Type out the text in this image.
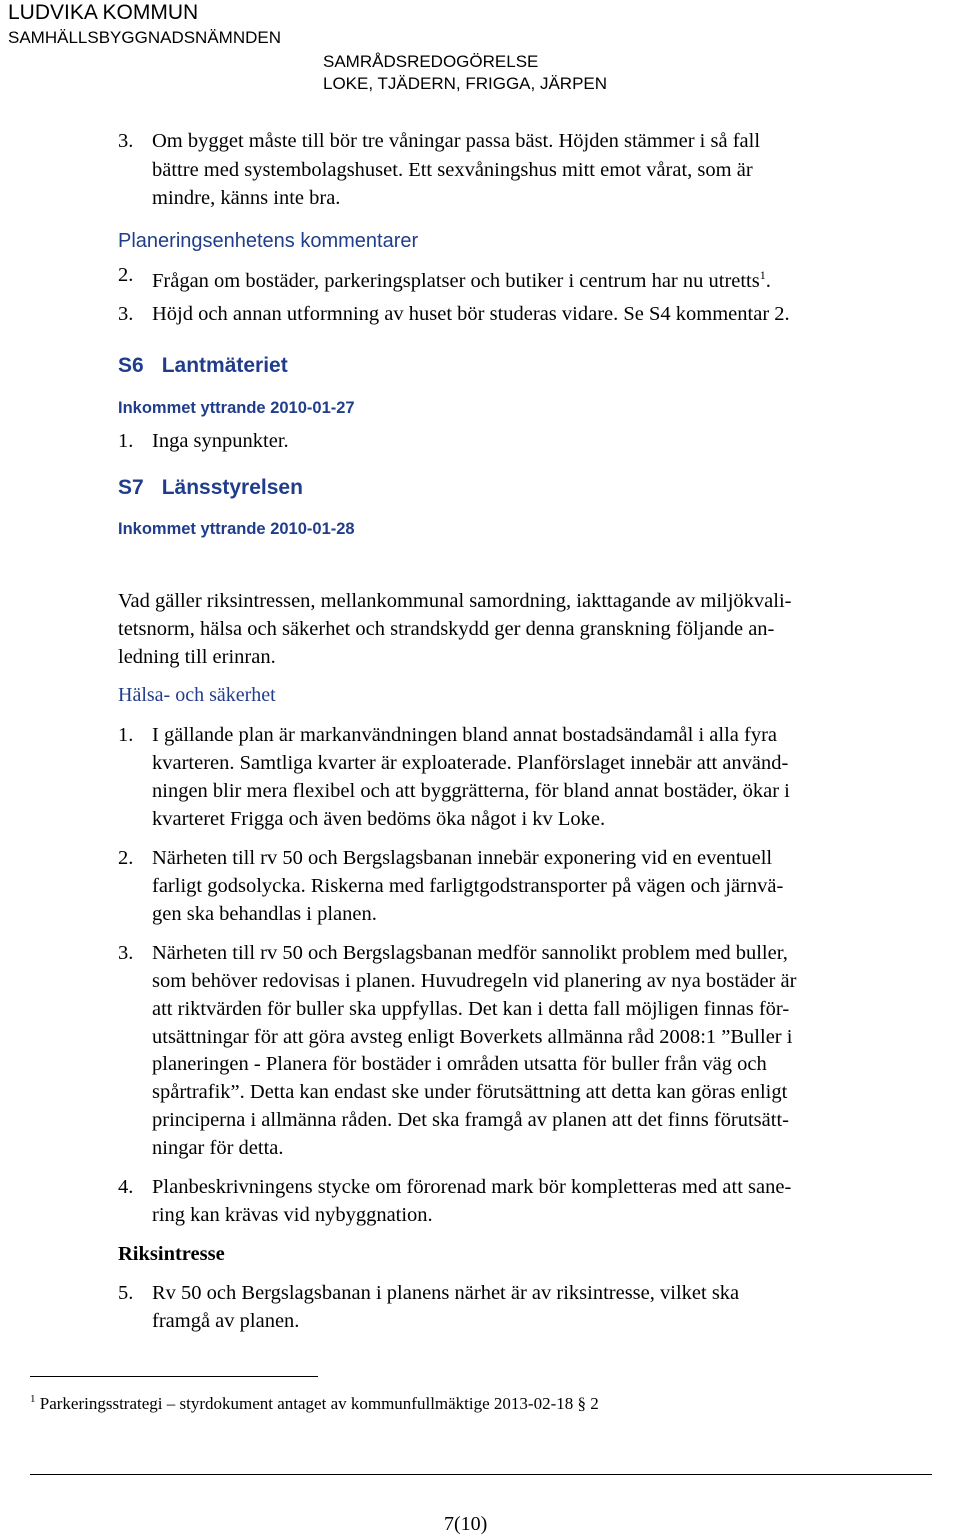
LUDVIKA KOMMUN
SAMHÄLLSBYGGNADSNÄMNDEN
SAMRÅDSREDOGÖRELSE
LOKE, TJÄDERN, FRIGGA, JÄRPEN
3. Om bygget måste till bör tre våningar passa bäst. Höjden stämmer i så fall
bättre med systembolagshuset. Ett sexvåningshus mitt emot vårat, som är
mindre, känns inte bra.
Planeringsenhetens kommentarer
2. Frågan om bostäder, parkeringsplatser och butiker i centrum har nu utretts$^1$.
3. Höjd och annan utformning av huset bör studeras vidare. Se S4 kommentar 2.
S6 Lantmäteriet
Inkommet yttrande 2010-01-27
1. Inga synpunkter.
S7 Länsstyrelsen
Inkommet yttrande 2010-01-28
Vad gäller riksintressen, mellankommunal samordning, iakttagande av miljökvali-
tetsnorm, hälsa och säkerhet och strandskydd ger denna granskning följande an-
ledning till erinran.
Hälsa- och säkerhet
1. I gällande plan är markanvändningen bland annat bostadsändamål i alla fyra
kvarteren. Samtliga kvarter är exploaterade. Planförslaget innebär att använd-
ningen blir mera flexibel och att byggrätterna, för bland annat bostäder, ökar i
kvarteret Frigga och även bedöms öka något i kv Loke.
2. Närheten till rv 50 och Bergslagsbanan innebär exponering vid en eventuell
farligt godsolycka. Riskerna med farligtgodstransporter på vägen och järnvä-
gen ska behandlas i planen.
3. Närheten till rv 50 och Bergslagsbanan medför sannolikt problem med buller,
som behöver redovisas i planen. Huvudregeln vid planering av nya bostäder är
att riktvärden för buller ska uppfyllas. Det kan i detta fall möjligen finnas för-
utsättningar för att göra avsteg enligt Boverkets allmänna råd 2008:1 ”Buller i
planeringen - Planera för bostäder i områden utsatta för buller från väg och
spårtrafik”. Detta kan endast ske under förutsättning att detta kan göras enligt
principerna i allmänna råden. Det ska framgå av planen att det finns förutsätt-
ningar för detta.
4. Planbeskrivningens stycke om förorenad mark bör kompletteras med att sane-
ring kan krävas vid nybyggnation.
Riksintresse
5. Rv 50 och Bergslagsbanan i planens närhet är av riksintresse, vilket ska
framgå av planen.
$^1$ Parkeringsstrategi – styrdokument antaget av kommunfullmäktige 2013-02-18 § 2
7(10)
